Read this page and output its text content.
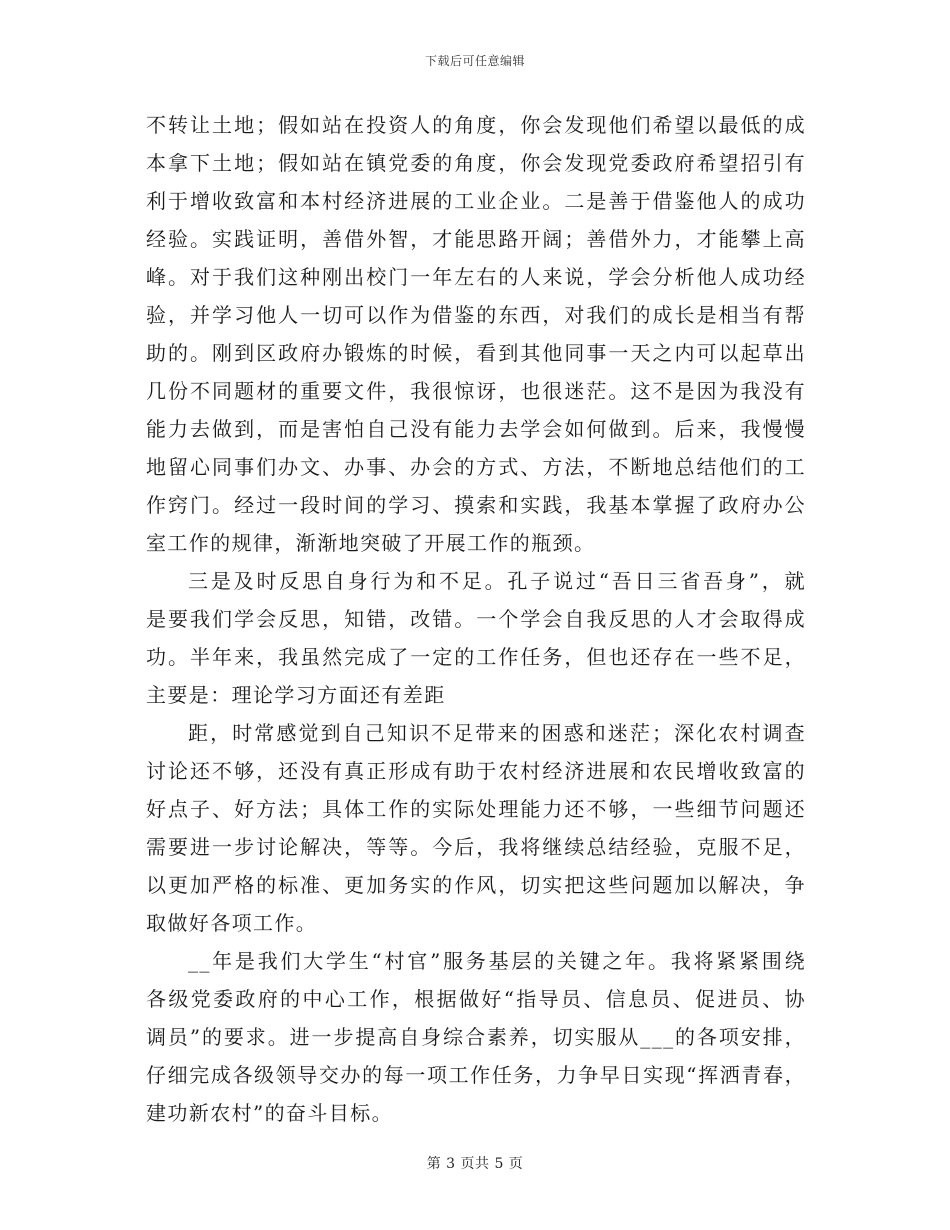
下载后可任意编辑
不转让土地；假如站在投资人的角度，你会发现他们希望以最低的成
本拿下土地；假如站在镇党委的角度，你会发现党委政府希望招引有
利于增收致富和本村经济进展的工业企业。二是善于借鉴他人的成功
经验。实践证明，善借外智，才能思路开阔；善借外力，才能攀上高
峰。对于我们这种刚出校门一年左右的人来说，学会分析他人成功经
验，并学习他人一切可以作为借鉴的东西，对我们的成长是相当有帮
助的。刚到区政府办锻炼的时候，看到其他同事一天之内可以起草出
几份不同题材的重要文件，我很惊讶，也很迷茫。这不是因为我没有
能力去做到，而是害怕自己没有能力去学会如何做到。后来，我慢慢
地留心同事们办文、办事、办会的方式、方法，不断地总结他们的工
作窍门。经过一段时间的学习、摸索和实践，我基本掌握了政府办公
室工作的规律，渐渐地突破了开展工作的瓶颈。
三是及时反思自身行为和不足。孔子说过“吾日三省吾身”，就
是要我们学会反思，知错，改错。一个学会自我反思的人才会取得成
功。半年来，我虽然完成了一定的工作任务，但也还存在一些不足，
主要是：理论学习方面还有差距
距，时常感觉到自己知识不足带来的困惑和迷茫；深化农村调查
讨论还不够，还没有真正形成有助于农村经济进展和农民增收致富的
好点子、好方法；具体工作的实际处理能力还不够，一些细节问题还
需要进一步讨论解决，等等。今后，我将继续总结经验，克服不足，
以更加严格的标准、更加务实的作风，切实把这些问题加以解决，争
取做好各项工作。
__年是我们大学生“村官”服务基层的关键之年。我将紧紧围绕
各级党委政府的中心工作，根据做好“指导员、信息员、促进员、协
调员”的要求。进一步提高自身综合素养，切实服从___的各项安排，
仔细完成各级领导交办的每一项工作任务，力争早日实现“挥洒青春，
建功新农村”的奋斗目标。
第 3 页共 5 页
